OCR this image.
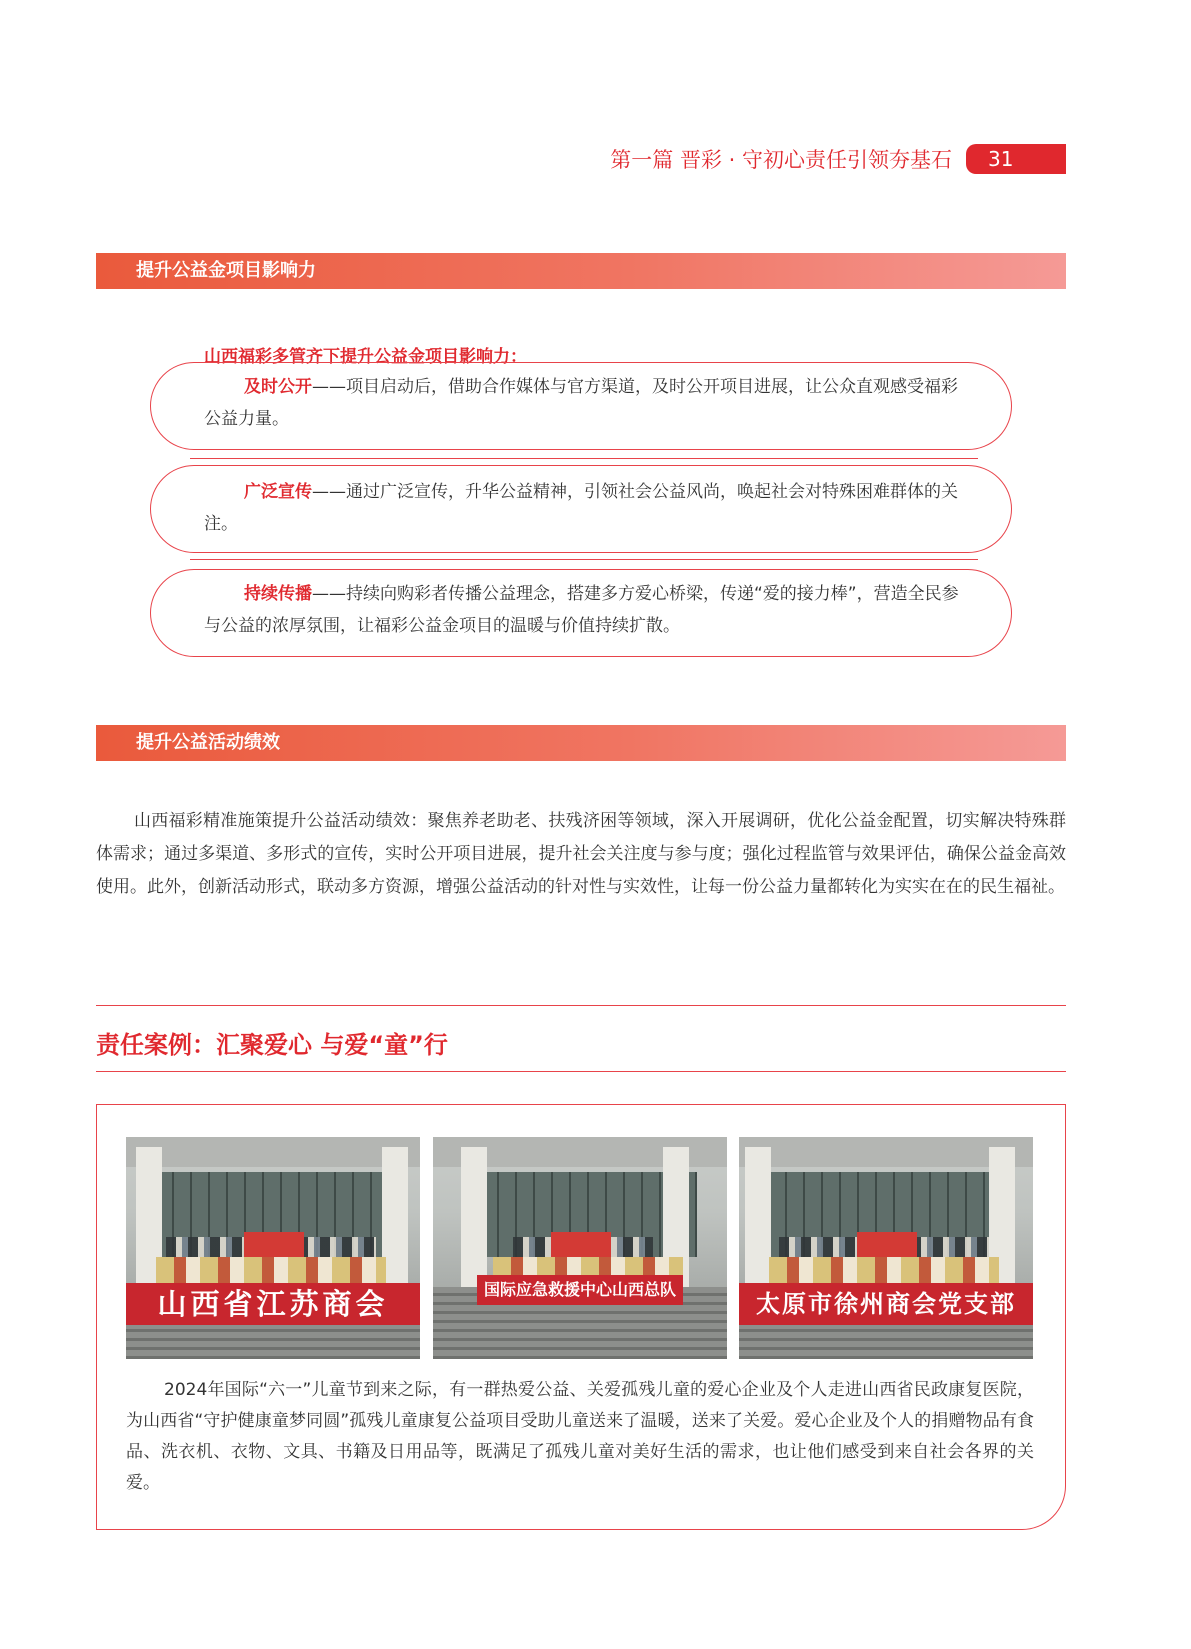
第一篇 晋彩 · 守初心责任引领夯基石	31
提升公益金项目影响力
山西福彩多管齐下提升公益金项目影响力：
及时公开——项目启动后，借助合作媒体与官方渠道，及时公开项目进展，让公众直观感受福彩公益力量。
广泛宣传——通过广泛宣传，升华公益精神，引领社会公益风尚，唤起社会对特殊困难群体的关注。
持续传播——持续向购彩者传播公益理念，搭建多方爱心桥梁，传递“爱的接力棒”，营造全民参与公益的浓厚氛围，让福彩公益金项目的温暖与价值持续扩散。
提升公益活动绩效
山西福彩精准施策提升公益活动绩效：聚焦养老助老、扶残济困等领域，深入开展调研，优化公益金配置，切实解决特殊群体需求；通过多渠道、多形式的宣传，实时公开项目进展，提升社会关注度与参与度；强化过程监管与效果评估，确保公益金高效使用。此外，创新活动形式，联动多方资源，增强公益活动的针对性与实效性，让每一份公益力量都转化为实实在在的民生福祉。
责任案例：汇聚爱心 与爱“童”行
山西省江苏商会	国际应急救援中心山西总队
太原市徐州商会党支部
2024年国际“六一”儿童节到来之际，有一群热爱公益、关爱孤残儿童的爱心企业及个人走进山西省民政康复医院，为山西省“守护健康童梦同圆”孤残儿童康复公益项目受助儿童送来了温暖，送来了关爱。爱心企业及个人的捐赠物品有食品、洗衣机、衣物、文具、书籍及日用品等，既满足了孤残儿童对美好生活的需求，也让他们感受到来自社会各界的关爱。
